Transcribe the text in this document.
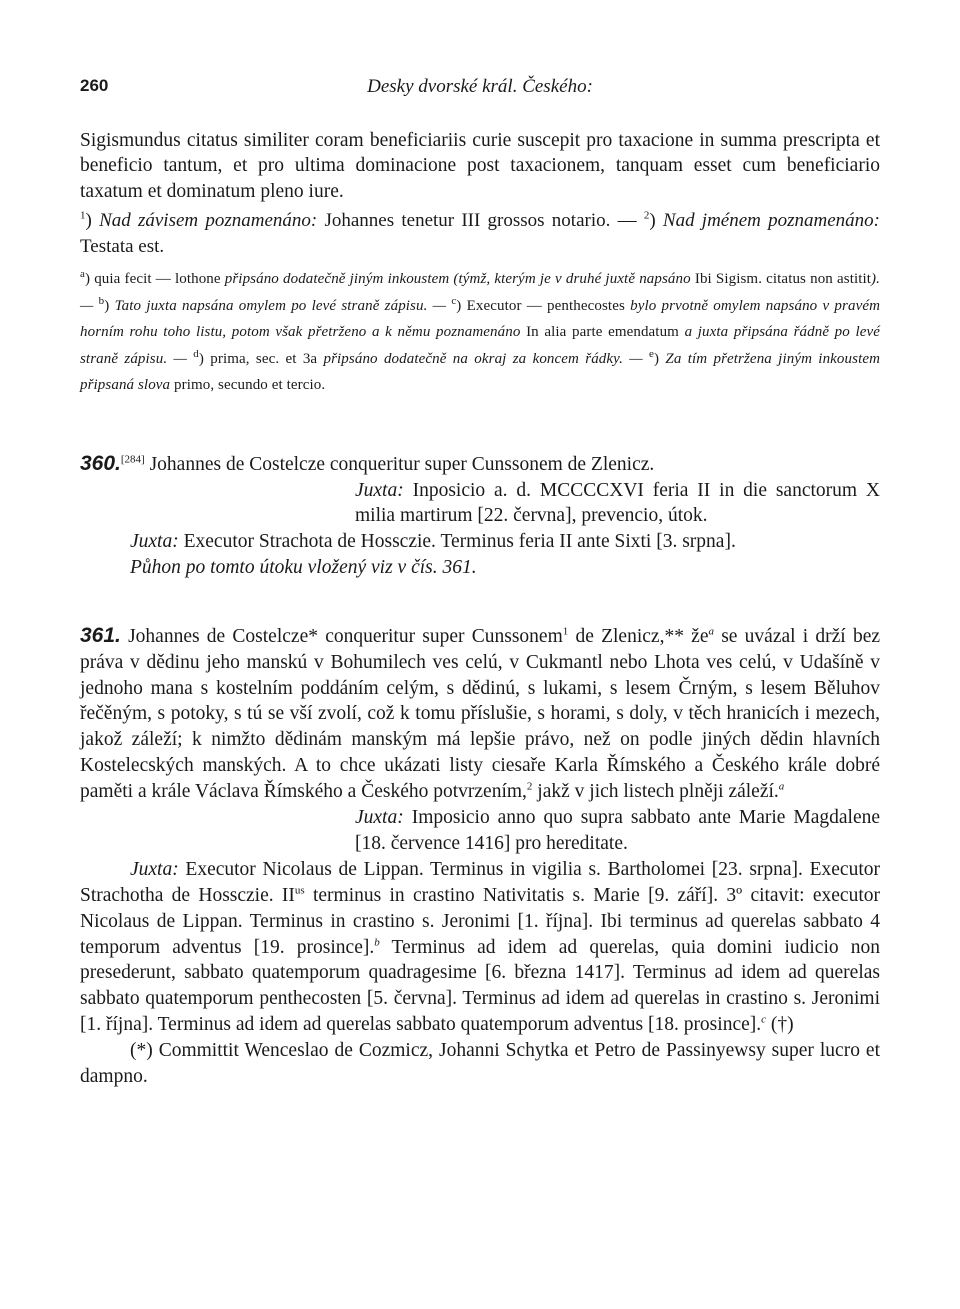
260	Desky dvorské král. Českého:

Sigismundus citatus similiter coram beneficiariis curie suscepit pro taxacione in summa prescripta et beneficio tantum, et pro ultima dominacione post taxacionem, tanquam esset cum beneficiario taxatum et dominatum pleno iure.

$^1$) Nad závisem poznamenáno: Johannes tenetur III grossos notario. — $^2$) Nad jménem poznamenáno: Testata est.

$^a$) quia fecit — lothone připsáno dodatečně jiným inkoustem (týmž, kterým je v druhé juxtě napsáno Ibi Sigism. citatus non astitit). — $^b$) Tato juxta napsána omylem po levé straně zápisu. — $^c$) Executor — penthecostes bylo prvotně omylem napsáno v pravém horním rohu toho listu, potom však přetrženo a k němu poznamenáno In alia parte emendatum a juxta připsána řádně po levé straně zápisu. — $^d$) prima, sec. et 3a připsáno dodatečně na okraj za koncem řádky. — $^e$) Za tím přetržena jiným inkoustem připsaná slova primo, secundo et tercio.
360.[284] Johannes de Costelcze conqueritur super Cunssonem de Zlenicz.
Juxta: Inposicio a. d. MCCCCXVI feria II in die sanctorum X milia martirum [22. června], prevencio, útok.
Juxta: Executor Strachota de Hossczie. Terminus feria II ante Sixti [3. srpna].
Půhon po tomto útoku vložený viz v čís. 361.
361. Johannes de Costelcze* conqueritur super Cunssonem$^1$ de Zlenicz,** $že^a$ se uvázal i drží bez práva v dědinu jeho manskú v Bohumilech ves celú, v Cukmantl nebo Lhota ves celú, v Udašíně v jednoho mana s kostelním poddáním celým, s dědinú, s lukami, s lesem Črným, s lesem Běluhov řečěným, s potoky, s tú se vší zvolí, což k tomu příslušie, s horami, s doly, v těch hranicích i mezech, jakož záleží; k nimžto dědinám manským má lepšie právo, než on podle jiných dědin hlavních Kostelecských manských. A to chce ukázati listy ciesaře Karla Římského a Českého krále dobré paměti a krále Václava Římského a Českého potvrzením,$^2$ jakž v jich listech plněji záleží.$^a$
Juxta: Imposicio anno quo supra sabbato ante Marie Magdalene [18. července 1416] pro hereditate.
Juxta: Executor Nicolaus de Lippan. Terminus in vigilia s. Bartholomei [23. srpna]. Executor Strachotha de Hossczie. $II^{us}$ terminus in crastino Nativitatis s. Marie [9. září]. 3º citavit: executor Nicolaus de Lippan. Terminus in crastino s. Jeronimi [1. října]. Ibi terminus ad querelas sabbato 4 temporum adventus [19. prosince].$^b$ Terminus ad idem ad querelas, quia domini iudicio non presederunt, sabbato quatemporum quadragesime [6. března 1417]. Terminus ad idem ad querelas sabbato quatemporum penthecosten [5. června]. Terminus ad idem ad querelas in crastino s. Jeronimi [1. října]. Terminus ad idem ad querelas sabbato quatemporum adventus [18. prosince].$^c$ (†)
(*) Committit Wenceslao de Cozmicz, Johanni Schytka et Petro de Passinyewsy super lucro et dampno.
